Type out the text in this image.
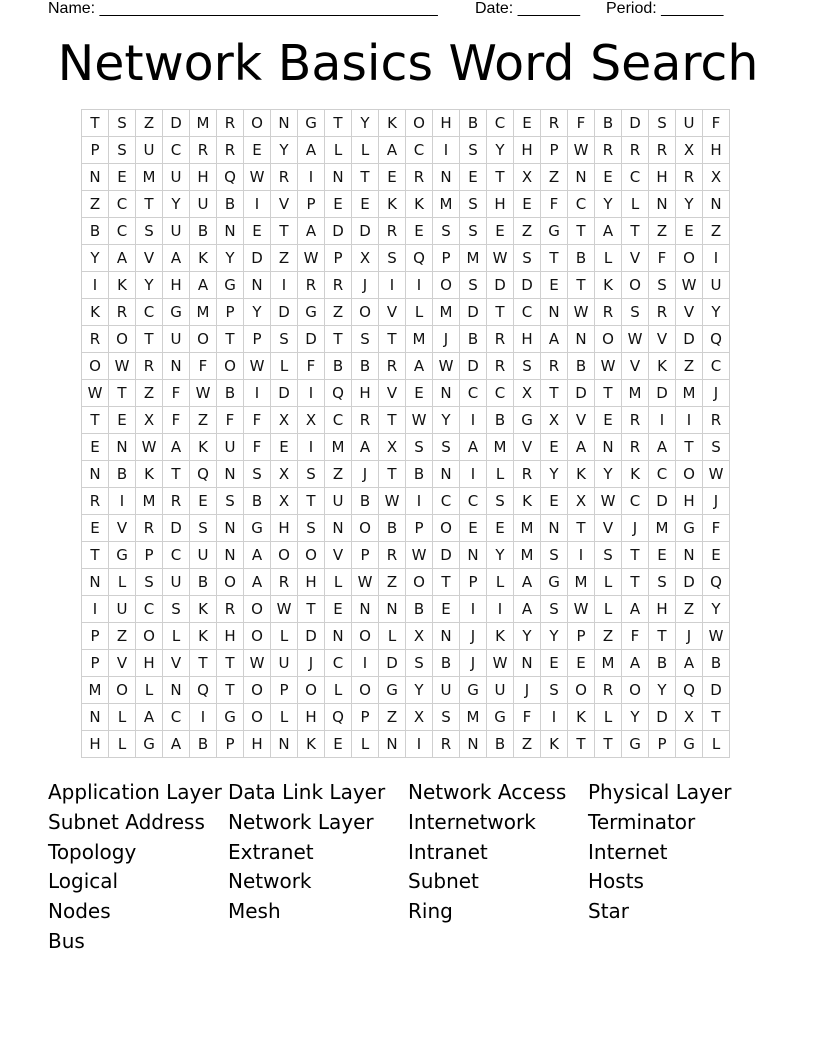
Name: ______________________________________

Date: _______

Period: _______

Network Basics Word Search
T	S	Z	D	M	R	O	N	G	T	Y	K	O	H	B	C	E	R	F	B	D	S	U	F
P	S	U	C	R	R	E	Y	A	L	L	A	C	I	S	Y	H	P	W	R	R	R	X	H
N	E	M	U	H	Q	W	R	I	N	T	E	R	N	E	T	X	Z	N	E	C	H	R	X
Z	C	T	Y	U	B	I	V	P	E	E	K	K	M	S	H	E	F	C	Y	L	N	Y	N
B	C	S	U	B	N	E	T	A	D	D	R	E	S	S	E	Z	G	T	A	T	Z	E	Z
Y	A	V	A	K	Y	D	Z	W	P	X	S	Q	P	M	W	S	T	B	L	V	F	O	I
I	K	Y	H	A	G	N	I	R	R	J	I	I	O	S	D	D	E	T	K	O	S	W	U
K	R	C	G	M	P	Y	D	G	Z	O	V	L	M	D	T	C	N	W	R	S	R	V	Y
R	O	T	U	O	T	P	S	D	T	S	T	M	J	B	R	H	A	N	O	W	V	D	Q
O	W	R	N	F	O	W	L	F	B	B	R	A	W	D	R	S	R	B	W	V	K	Z	C
W	T	Z	F	W	B	I	D	I	Q	H	V	E	N	C	C	X	T	D	T	M	D	M	J
T	E	X	F	Z	F	F	X	X	C	R	T	W	Y	I	B	G	X	V	E	R	I	I	R
E	N	W	A	K	U	F	E	I	M	A	X	S	S	A	M	V	E	A	N	R	A	T	S
N	B	K	T	Q	N	S	X	S	Z	J	T	B	N	I	L	R	Y	K	Y	K	C	O	W
R	I	M	R	E	S	B	X	T	U	B	W	I	C	C	S	K	E	X	W	C	D	H	J
E	V	R	D	S	N	G	H	S	N	O	B	P	O	E	E	M	N	T	V	J	M	G	F
T	G	P	C	U	N	A	O	O	V	P	R	W	D	N	Y	M	S	I	S	T	E	N	E
N	L	S	U	B	O	A	R	H	L	W	Z	O	T	P	L	A	G	M	L	T	S	D	Q
I	U	C	S	K	R	O	W	T	E	N	N	B	E	I	I	A	S	W	L	A	H	Z	Y
P	Z	O	L	K	H	O	L	D	N	O	L	X	N	J	K	Y	Y	P	Z	F	T	J	W
P	V	H	V	T	T	W	U	J	C	I	D	S	B	J	W	N	E	E	M	A	B	A	B
M	O	L	N	Q	T	O	P	O	L	O	G	Y	U	G	U	J	S	O	R	O	Y	Q	D
N	L	A	C	I	G	O	L	H	Q	P	Z	X	S	M	G	F	I	K	L	Y	D	X	T
H	L	G	A	B	P	H	N	K	E	L	N	I	R	N	B	Z	K	T	T	G	P	G	L
Application Layer Data Link Layer	Network Access	Physical Layer
Subnet Address	Network Layer	Internetwork	Terminator
Topology	Extranet	Intranet	Internet
Logical	Network	Subnet	Hosts
Nodes	Mesh	Ring	Star
Bus
